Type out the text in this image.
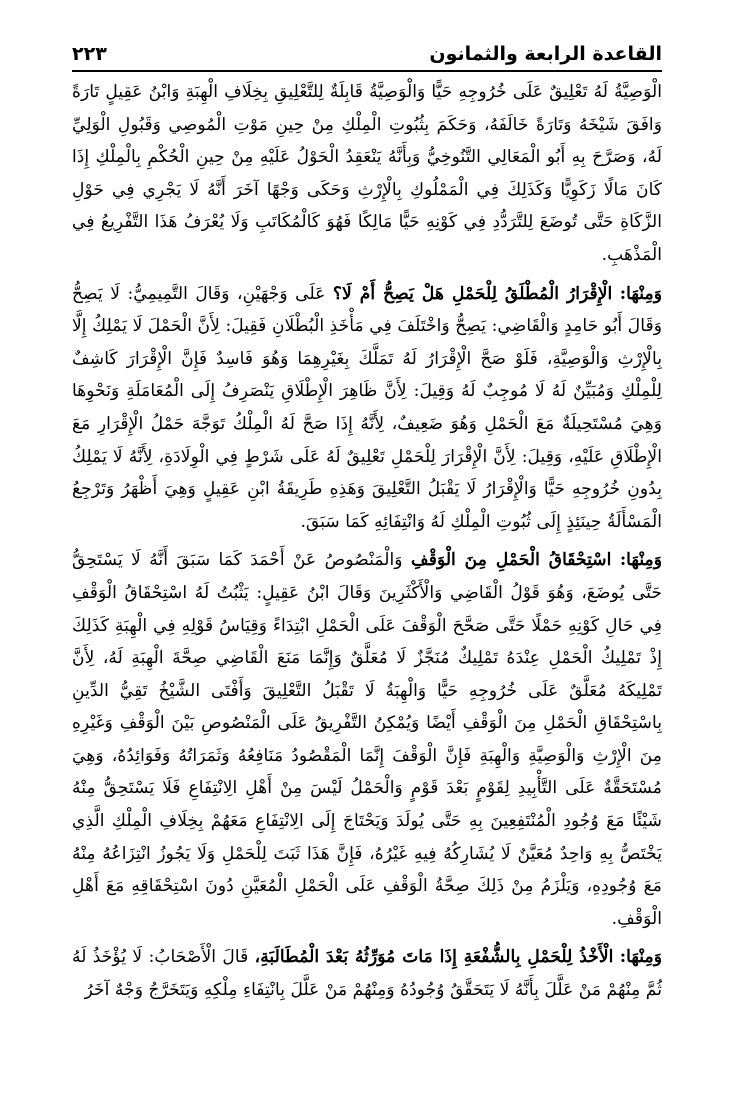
القاعدة الرابعة والثمانون
٢٢٣

الْوَصِيَّةُ لَهُ تَعْلِيقٌ عَلَى خُرُوجِهِ حَيًّا وَالْوَصِيَّةُ قَابِلَةٌ لِلتَّعْلِيقِ بِخِلَافِ الْهِبَةِ وَابْنُ عَقِيلٍ تَارَةً وَافَقَ شَيْخَهُ وَتَارَةً خَالَفَهُ، وَحَكَمَ بِثُبُوتِ الْمِلْكِ مِنْ حِينِ مَوْتِ الْمُوصِي وَقَبُولِ الْوَلِيِّ لَهُ، وَصَرَّحَ بِهِ أَبُو الْمَعَالِي التَّنُوخِيُّ وَبِأَنَّهُ يَنْعَقِدُ الْحَوْلُ عَلَيْهِ مِنْ حِينِ الْحُكْمِ بِالْمِلْكِ إِذَا كَانَ مَالًا زَكَوِيًّا وَكَذَلِكَ فِي الْمَمْلُوكِ بِالْإِرْثِ وَحَكَى وَجْهًا آخَرَ أَنَّهُ لَا يَجْرِي فِي حَوْلِ الزَّكَاةِ حَتَّى تُوضَعَ لِلتَّرَدُّدِ فِي كَوْنِهِ حَيًّا مَالِكًا فَهُوَ كَالْمُكَاتَبِ وَلَا يُعْرَفُ هَذَا التَّفْرِيعُ فِي الْمَذْهَبِ.

وَمِنْهَا: الْإِقْرَارُ الْمُطْلَقُ لِلْحَمْلِ هَلْ يَصِحُّ أَمْ لَا؟ عَلَى وَجْهَيْنِ، وَقَالَ التَّمِيمِيُّ: لَا يَصِحُّ وَقَالَ أَبُو حَامِدٍ وَالْقَاضِي: يَصِحُّ وَاخْتَلَفَ فِي مَأْخَذِ الْبُطْلَانِ فَقِيلَ: لِأَنَّ الْحَمْلَ لَا يَمْلِكُ إِلَّا بِالْإِرْثِ وَالْوَصِيَّةِ، فَلَوْ صَحَّ الْإِقْرَارُ لَهُ تَمَلَّكَ بِغَيْرِهِمَا وَهُوَ فَاسِدٌ فَإِنَّ الْإِقْرَارَ كَاشِفٌ لِلْمِلْكِ وَمُبَيِّنٌ لَهُ لَا مُوجِبٌ لَهُ وَقِيلَ: لِأَنَّ ظَاهِرَ الْإِطْلَاقِ يَنْصَرِفُ إِلَى الْمُعَامَلَةِ وَنَحْوِهَا وَهِيَ مُسْتَحِيلَةٌ مَعَ الْحَمْلِ وَهُوَ ضَعِيفٌ، لِأَنَّهُ إِذَا صَحَّ لَهُ الْمِلْكُ تَوَجَّهَ حَمْلُ الْإِقْرَارِ مَعَ الْإِطْلَاقِ عَلَيْهِ، وَقِيلَ: لِأَنَّ الْإِقْرَارَ لِلْحَمْلِ تَعْلِيقٌ لَهُ عَلَى شَرْطٍ فِي الْوِلَادَةِ، لِأَنَّهُ لَا يَمْلِكُ بِدُونِ خُرُوجِهِ حَيًّا وَالْإِقْرَارُ لَا يَقْبَلُ التَّعْلِيقَ وَهَذِهِ طَرِيقَةُ ابْنِ عَقِيلٍ وَهِيَ أَظْهَرُ وَتَرْجِعُ الْمَسْأَلَةُ حِينَئِذٍ إِلَى ثُبُوتِ الْمِلْكِ لَهُ وَانْتِفَائِهِ كَمَا سَبَقَ.

وَمِنْهَا: اسْتِحْقَاقُ الْحَمْلِ مِنَ الْوَقْفِ وَالْمَنْصُوصُ عَنْ أَحْمَدَ كَمَا سَبَقَ أَنَّهُ لَا يَسْتَحِقُّ حَتَّى يُوضَعَ، وَهُوَ قَوْلُ الْقَاضِي وَالْأَكْثَرِينَ وَقَالَ ابْنُ عَقِيلٍ: يَثْبُتُ لَهُ اسْتِحْقَاقُ الْوَقْفِ فِي حَالِ كَوْنِهِ حَمْلًا حَتَّى صَحَّحَ الْوَقْفَ عَلَى الْحَمْلِ ابْتِدَاءً وَقِيَاسُ قَوْلِهِ فِي الْهِبَةِ كَذَلِكَ إِذْ تَمْلِيكُ الْحَمْلِ عِنْدَهُ تَمْلِيكٌ مُنَجَّزٌ لَا مُعَلَّقٌ وَإِنَّمَا مَنَعَ الْقَاضِي صِحَّةَ الْهِبَةِ لَهُ، لِأَنَّ تَمْلِيكَهُ مُعَلَّقٌ عَلَى خُرُوجِهِ حَيًّا وَالْهِبَةُ لَا تَقْبَلُ التَّعْلِيقَ وَأَفْتَى الشَّيْخُ تَقِيُّ الدِّينِ بِاسْتِحْقَاقِ الْحَمْلِ مِنَ الْوَقْفِ أَيْضًا وَيُمْكِنُ التَّفْرِيقُ عَلَى الْمَنْصُوصِ بَيْنَ الْوَقْفِ وَغَيْرِهِ مِنَ الْإِرْثِ وَالْوَصِيَّةِ وَالْهِبَةِ فَإِنَّ الْوَقْفَ إِنَّمَا الْمَقْصُودُ مَنَافِعُهُ وَثَمَرَاتُهُ وَفَوَائِدُهُ، وَهِيَ مُسْتَحَقَّةٌ عَلَى التَّأْبِيدِ لِقَوْمٍ بَعْدَ قَوْمٍ وَالْحَمْلُ لَيْسَ مِنْ أَهْلِ الِانْتِفَاعِ فَلَا يَسْتَحِقُّ مِنْهُ شَيْئًا مَعَ وُجُودِ الْمُنْتَفِعِينَ بِهِ حَتَّى يُولَدَ وَيَحْتَاجَ إِلَى الِانْتِفَاعِ مَعَهُمْ بِخِلَافِ الْمِلْكِ الَّذِي يَخْتَصُّ بِهِ وَاحِدٌ مُعَيَّنٌ لَا يُشَارِكُهُ فِيهِ غَيْرُهُ، فَإِنَّ هَذَا ثَبَتَ لِلْحَمْلِ وَلَا يَجُوزُ انْتِزَاعُهُ مِنْهُ مَعَ وُجُودِهِ، وَيَلْزَمُ مِنْ ذَلِكَ صِحَّةُ الْوَقْفِ عَلَى الْحَمْلِ الْمُعَيَّنِ دُونَ اسْتِحْقَاقِهِ مَعَ أَهْلِ الْوَقْفِ.

وَمِنْهَا: الْأَخْذُ لِلْحَمْلِ بِالشُّفْعَةِ إِذَا مَاتَ مُوَرِّثُهُ بَعْدَ الْمُطَالَبَةِ، قَالَ الْأَصْحَابُ: لَا يُؤْخَذُ لَهُ ثُمَّ مِنْهُمْ مَنْ عَلَّلَ بِأَنَّهُ لَا يَتَحَقَّقُ وُجُودُهُ وَمِنْهُمْ مَنْ عَلَّلَ بِانْتِفَاءِ مِلْكِهِ وَيَتَخَرَّجُ وَجْهٌ آخَرُ
